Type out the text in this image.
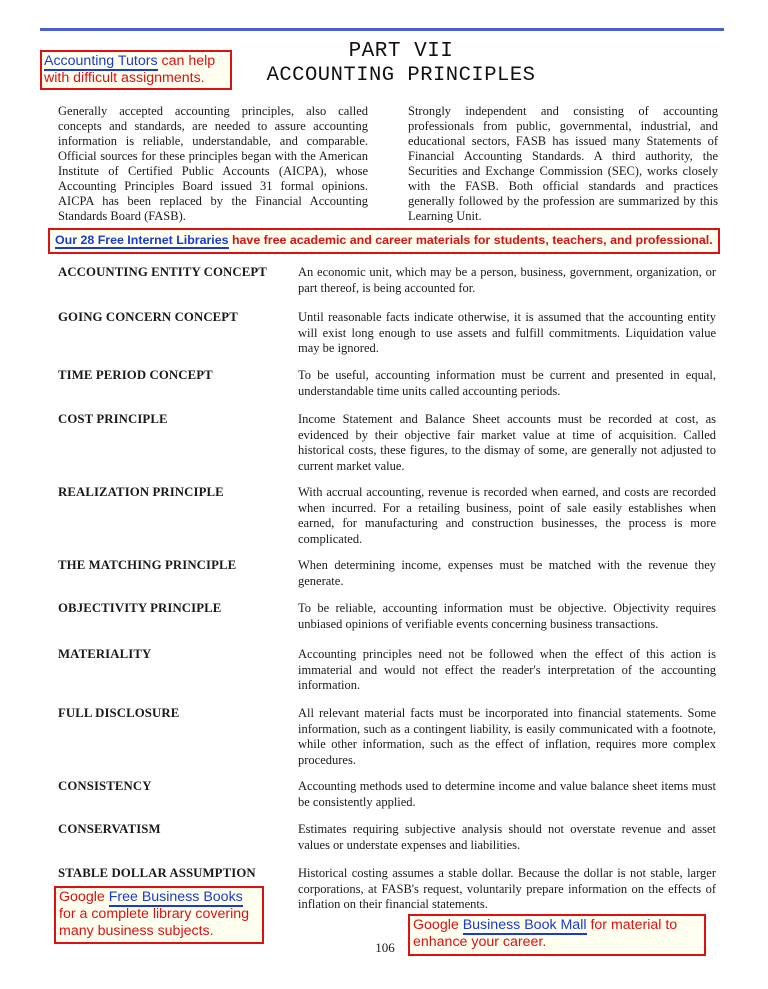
Accounting Tutors can help with difficult assignments.
PART VII
ACCOUNTING PRINCIPLES
Generally accepted accounting principles, also called concepts and standards, are needed to assure accounting information is reliable, understandable, and comparable. Official sources for these principles began with the American Institute of Certified Public Accounts (AICPA), whose Accounting Principles Board issued 31 formal opinions. AICPA has been replaced by the Financial Accounting Standards Board (FASB).
Strongly independent and consisting of accounting professionals from public, governmental, industrial, and educational sectors, FASB has issued many Statements of Financial Accounting Standards. A third authority, the Securities and Exchange Commission (SEC), works closely with the FASB. Both official standards and practices generally followed by the profession are summarized by this Learning Unit.
Our 28 Free Internet Libraries have free academic and career materials for students, teachers, and professional.
ACCOUNTING ENTITY CONCEPT	An economic unit, which may be a person, business, government, organization, or part thereof, is being accounted for.
GOING CONCERN CONCEPT	Until reasonable facts indicate otherwise, it is assumed that the accounting entity will exist long enough to use assets and fulfill commitments. Liquidation value may be ignored.
TIME PERIOD CONCEPT	To be useful, accounting information must be current and presented in equal, understandable time units called accounting periods.
COST PRINCIPLE	Income Statement and Balance Sheet accounts must be recorded at cost, as evidenced by their objective fair market value at time of acquisition. Called historical costs, these figures, to the dismay of some, are generally not adjusted to current market value.
REALIZATION PRINCIPLE	With accrual accounting, revenue is recorded when earned, and costs are recorded when incurred. For a retailing business, point of sale easily establishes when earned, for manufacturing and construction businesses, the process is more complicated.
THE MATCHING PRINCIPLE	When determining income, expenses must be matched with the revenue they generate.
OBJECTIVITY PRINCIPLE	To be reliable, accounting information must be objective. Objectivity requires unbiased opinions of verifiable events concerning business transactions.
MATERIALITY	Accounting principles need not be followed when the effect of this action is immaterial and would not effect the reader's interpretation of the accounting information.
FULL DISCLOSURE	All relevant material facts must be incorporated into financial statements. Some information, such as a contingent liability, is easily communicated with a footnote, while other information, such as the effect of inflation, requires more complex procedures.
CONSISTENCY	Accounting methods used to determine income and value balance sheet items must be consistently applied.
CONSERVATISM	Estimates requiring subjective analysis should not overstate revenue and asset values or understate expenses and liabilities.
STABLE DOLLAR ASSUMPTION	Historical costing assumes a stable dollar. Because the dollar is not stable, larger corporations, at FASB's request, voluntarily prepare information on the effects of inflation on their financial statements.
Google Free Business Books for a complete library covering many business subjects.	Google Business Book Mall for material to enhance your career.
106
